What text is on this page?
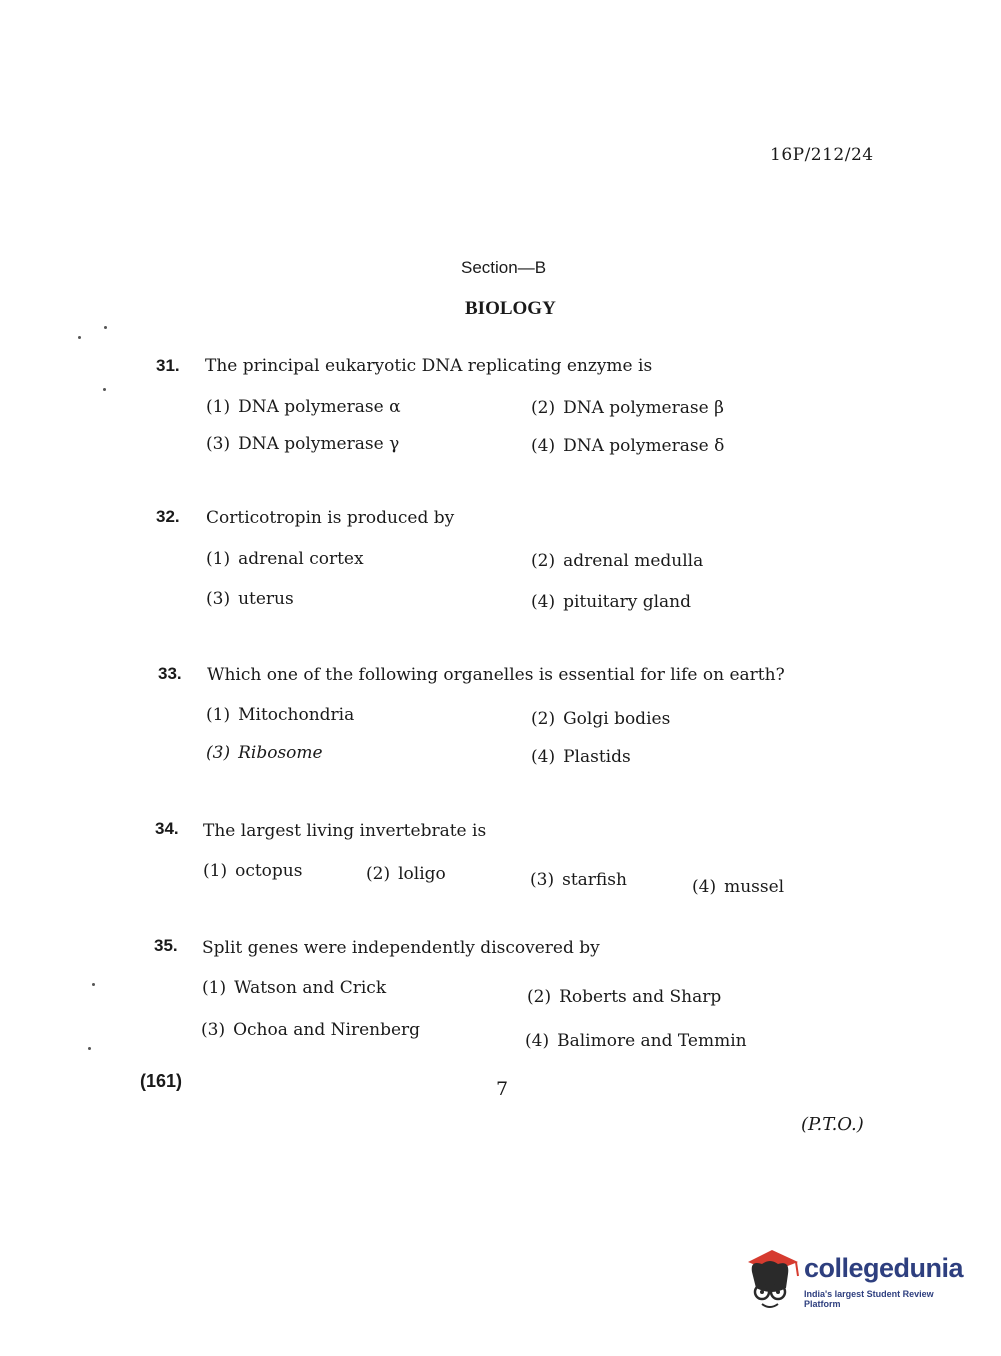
16P/212/24
Section—B
BIOLOGY
31. The principal eukaryotic DNA replicating enzyme is
(1) DNA polymerase α	(2) DNA polymerase β
(3) DNA polymerase γ	(4) DNA polymerase δ
32. Corticotropin is produced by
(1) adrenal cortex	(2) adrenal medulla
(3) uterus	(4) pituitary gland
33. Which one of the following organelles is essential for life on earth?
(1) Mitochondria	(2) Golgi bodies
(3) Ribosome	(4) Plastids
34. The largest living invertebrate is
(1) octopus	(2) loligo	(3) starfish	(4) mussel
35. Split genes were independently discovered by
(1) Watson and Crick	(2) Roberts and Sharp
(3) Ochoa and Nirenberg
(4) Balimore and Temmin
(161)	7
(P.T.O.)
collegedunia
India's largest Student Review Platform
